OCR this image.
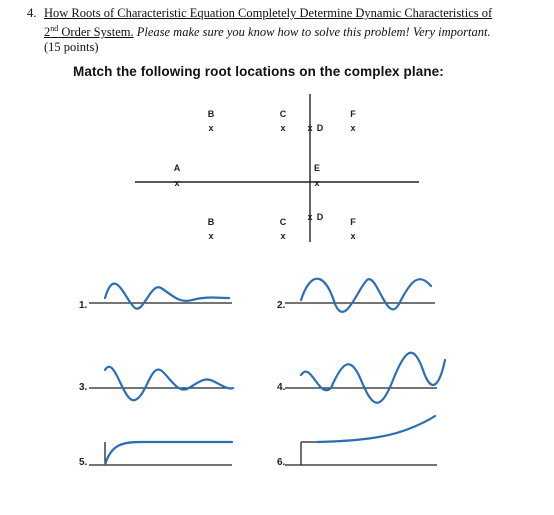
4. How Roots of Characteristic Equation Completely Determine Dynamic Characteristics of
2nd Order System. Please make sure you know how to solve this problem! Very important.

(15 points)
Match the following root locations on the complex plane:
A
x
B
x
B
x
C
x
C
x
x D
x D
E
x
F
x
F
x
1.	2.
3.	4.
5.	6.
